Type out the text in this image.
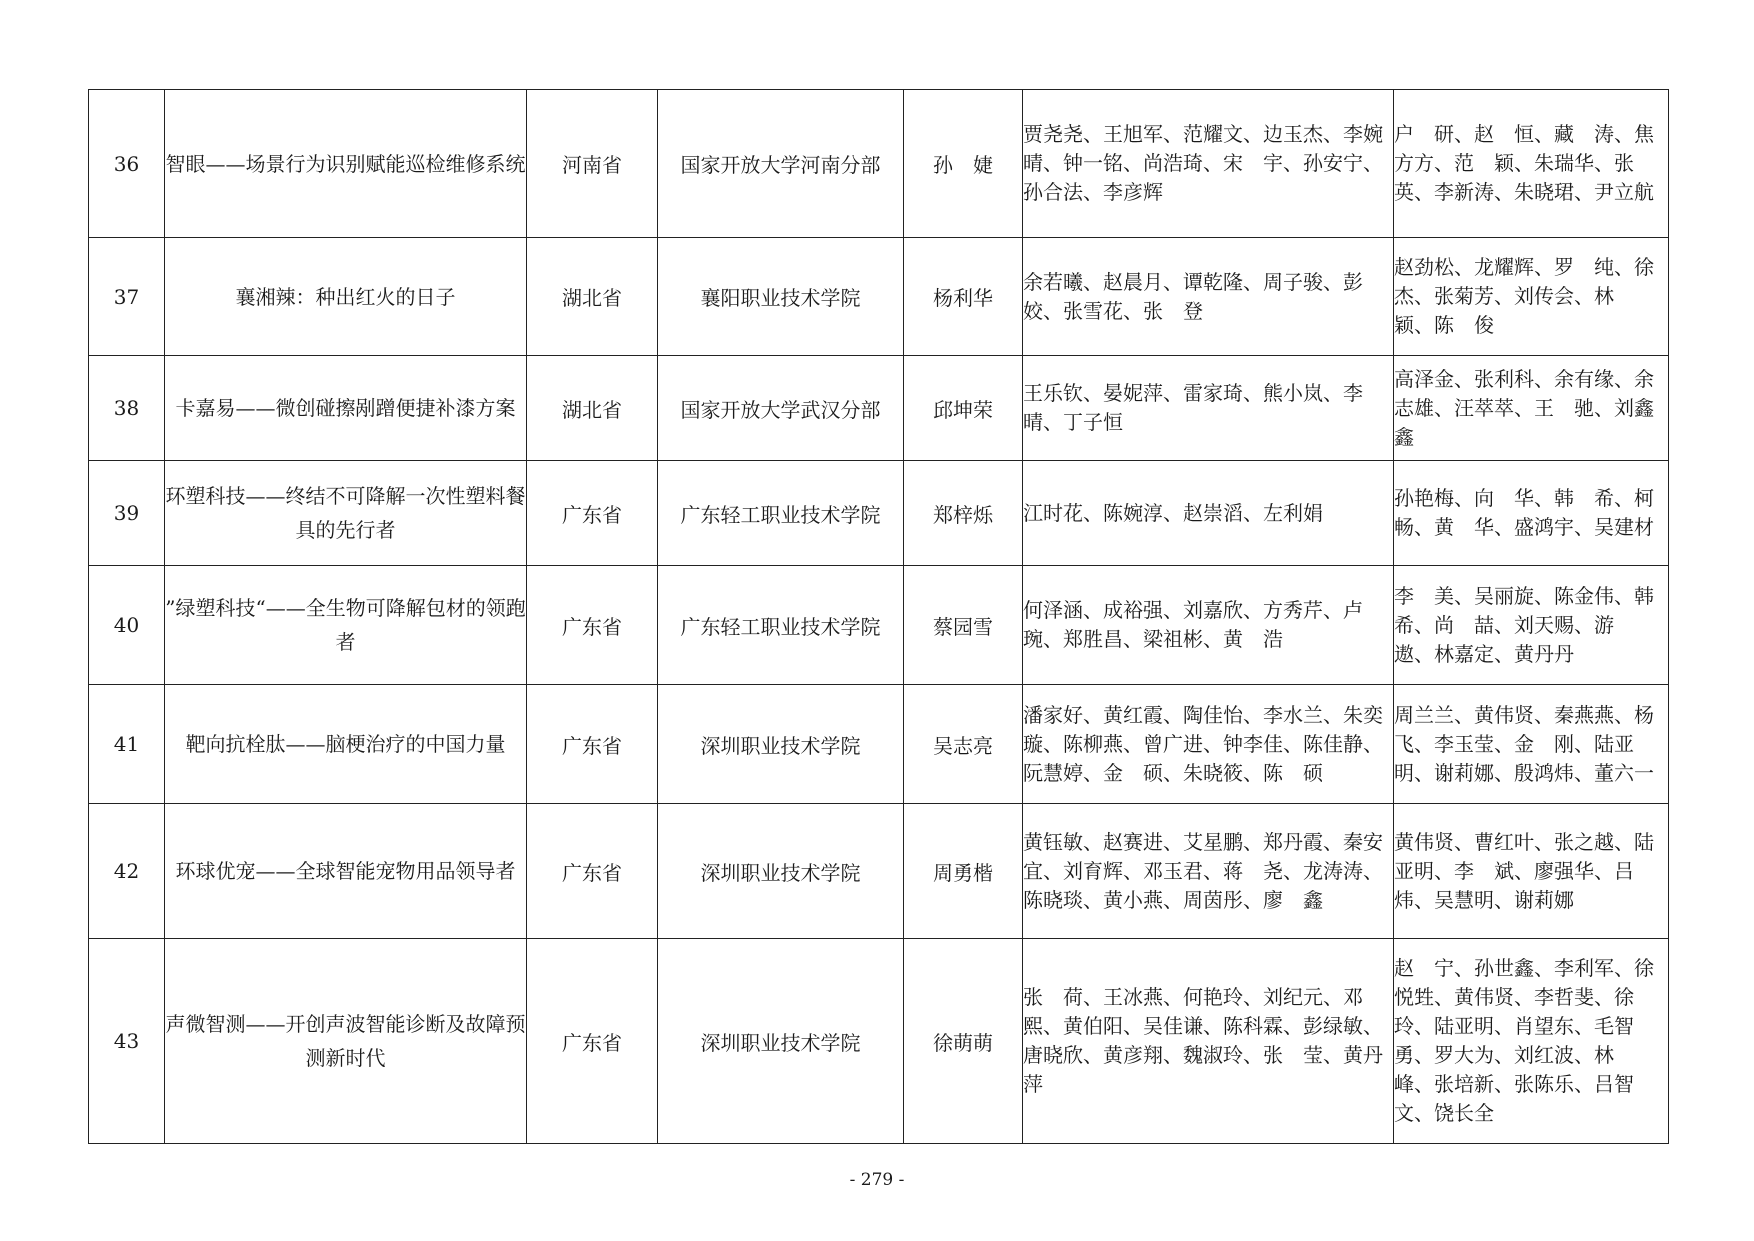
36	智眼——场景行为识别赋能巡检维修系统	河南省	国家开放大学河南分部	孙　婕	贾尧尧、王旭军、范耀文、边玉杰、李婉晴、钟一铭、尚浩琦、宋　宇、孙安宁、孙合法、李彦辉	户　研、赵　恒、藏　涛、焦方方、范　颖、朱瑞华、张　英、李新涛、朱晓珺、尹立航
37	襄湘辣：种出红火的日子	湖北省	襄阳职业技术学院	杨利华	余若曦、赵晨月、谭乾隆、周子骏、彭　姣、张雪花、张　登	赵劲松、龙耀辉、罗　纯、徐　杰、张菊芳、刘传会、林　颖、陈　俊
38	卡嘉易——微创碰擦剐蹭便捷补漆方案	湖北省	国家开放大学武汉分部	邱坤荣	王乐钦、晏妮萍、雷家琦、熊小岚、李　晴、丁子恒	高泽金、张利科、余有缘、余志雄、汪萃萃、王　驰、刘鑫鑫
39	环塑科技——终结不可降解一次性塑料餐具的先行者	广东省	广东轻工职业技术学院	郑梓烁	江时花、陈婉淳、赵崇滔、左利娟	孙艳梅、向　华、韩　希、柯　畅、黄　华、盛鸿宇、吴建材
40	”绿塑科技“——全生物可降解包材的领跑者	广东省	广东轻工职业技术学院	蔡园雪	何泽涵、成裕强、刘嘉欣、方秀芹、卢　琬、郑胜昌、梁祖彬、黄　浩	李　美、吴丽旋、陈金伟、韩　希、尚　喆、刘天赐、游　遨、林嘉定、黄丹丹
41	靶向抗栓肽——脑梗治疗的中国力量	广东省	深圳职业技术学院	吴志亮	潘家好、黄红霞、陶佳怡、李水兰、朱奕璇、陈柳燕、曾广进、钟李佳、陈佳静、阮慧婷、金　硕、朱晓筱、陈　硕	周兰兰、黄伟贤、秦燕燕、杨　飞、李玉莹、金　刚、陆亚明、谢莉娜、殷鸿炜、董六一
42	环球优宠——全球智能宠物用品领导者	广东省	深圳职业技术学院	周勇楷	黄钰敏、赵赛进、艾星鹏、郑丹霞、秦安宜、刘育辉、邓玉君、蒋　尧、龙涛涛、陈晓琰、黄小燕、周茵彤、廖　鑫	黄伟贤、曹红叶、张之越、陆亚明、李　斌、廖强华、吕　炜、吴慧明、谢莉娜
43	声微智测——开创声波智能诊断及故障预测新时代	广东省	深圳职业技术学院	徐萌萌	张　荷、王冰燕、何艳玲、刘纪元、邓　熙、黄伯阳、吴佳谦、陈科霖、彭绿敏、唐晓欣、黄彦翔、魏淑玲、张　莹、黄丹萍	赵　宁、孙世鑫、李利军、徐悦甡、黄伟贤、李哲斐、徐　玲、陆亚明、肖望东、毛智勇、罗大为、刘红波、林　峰、张培新、张陈乐、吕智文、饶长全
- 279 -
